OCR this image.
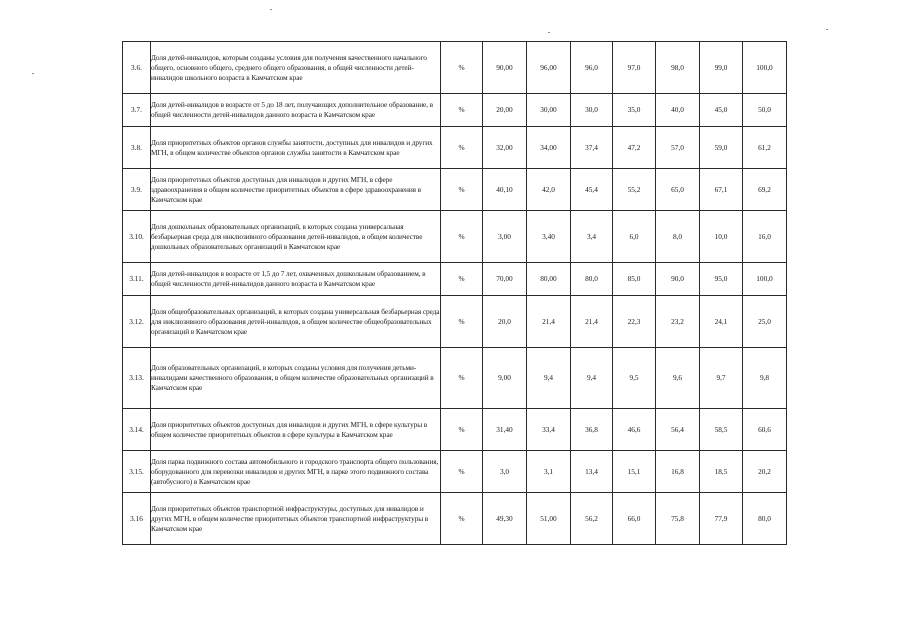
3.6.	Доля детей-инвалидов, которым созданы условия для получения качественного начального общего, основного общего, среднего общего образования, в общей численности детей-инвалидов школьного возраста в Камчатском крае	%	90,00	96,00	96,0	97,0	98,0	99,0	100,0
3.7.	Доля детей-инвалидов в возрасте от 5 до 18 лет, получающих дополнительное образование, в общей численности детей-инвалидов данного возраста в Камчатском крае	%	20,00	30,00	30,0	35,0	40,0	45,0	50,0
3.8.	Доля приоритетных объектов органов службы занятости, доступных для инвалидов и других МГН, в общем количестве объектов органов службы занятости в Камчатском крае	%	32,00	34,00	37,4	47,2	57,0	59,0	61,2
3.9.	Доля приоритетных объектов доступных для инвалидов и других МГН, в сфере здравоохранения в общем количестве приоритетных объектов в сфере здравоохранения в Камчатском крае	%	40,10	42,0	45,4	55,2	65,0	67,1	69,2
3.10.	Доля дошкольных образовательных организаций, в которых создана универсальная безбарьерная среда для инклюзивного образования детей-инвалидов, в общем количестве дошкольных образовательных организаций в Камчатском крае	%	3,00	3,40	3,4	6,0	8,0	10,0	16,0
3.11.	Доля детей-инвалидов в возрасте от 1,5 до 7 лет, охваченных дошкольным образованием, в общей численности детей-инвалидов данного возраста в Камчатском крае	%	70,00	80,00	80,0	85,0	90,0	95,0	100,0
3.12.	Доля общеобразовательных организаций, в которых создана универсальная безбарьерная среда для инклюзивного образования детей-инвалидов, в общем количестве общеобразовательных организаций в Камчатском крае	%	20,0	21,4	21,4	22,3	23,2	24,1	25,0
3.13.	Доля образовательных организаций, в которых созданы условия для получения детьми-инвалидами качественного образования, в общем количестве образовательных организаций в Камчатском крае	%	9,00	9,4	9,4	9,5	9,6	9,7	9,8
3.14.	Доля приоритетных объектов доступных для инвалидов и других МГН, в сфере культуры в общем количестве приоритетных объектов в сфере культуры в Камчатском крае	%	31,40	33,4	36,8	46,6	56,4	58,5	60,6
3.15.	Доля парка подвижного состава автомобильного и городского транспорта общего пользования, оборудованного для перевозки инвалидов и других МГН, в парке этого подвижного состава (автобусного) в Камчатском крае	%	3,0	3,1	13,4	15,1	16,8	18,5	20,2
3.16	Доля приоритетных объектов транспортной инфраструктуры, доступных для инвалидов и других МГН, в общем количестве приоритетных объектов транспортной инфраструктуры в Камчатском крае	%	49,30	51,00	56,2	66,0	75,8	77,9	80,0
